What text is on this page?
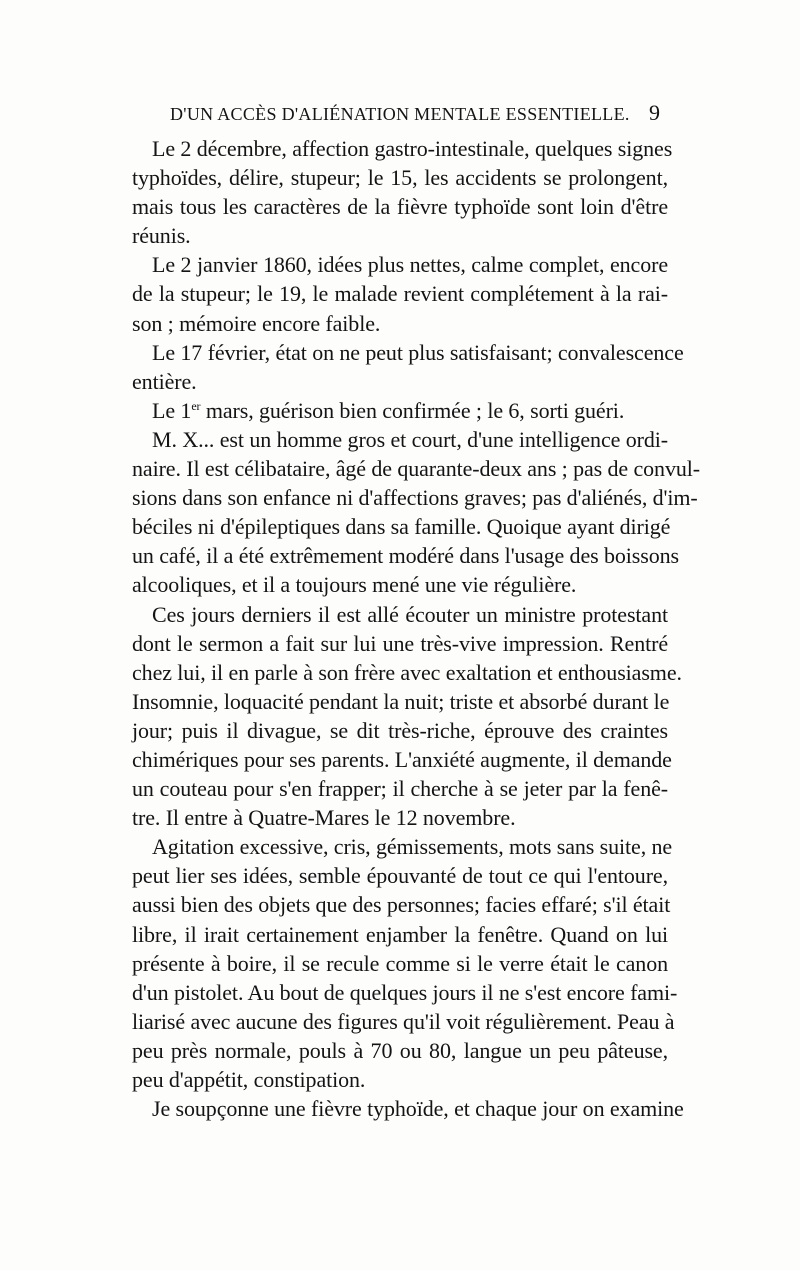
D'UN ACCÈS D'ALIÉNATION MENTALE ESSENTIELLE. 9
Le 2 décembre, affection gastro-intestinale, quelques signes
typhoïdes, délire, stupeur; le 15, les accidents se prolongent,
mais tous les caractères de la fièvre typhoïde sont loin d'être
réunis.
Le 2 janvier 1860, idées plus nettes, calme complet, encore
de la stupeur; le 19, le malade revient complétement à la rai-
son ; mémoire encore faible.
Le 17 février, état on ne peut plus satisfaisant; convalescence
entière.
Le 1er mars, guérison bien confirmée ; le 6, sorti guéri.
M. X... est un homme gros et court, d'une intelligence ordi-
naire. Il est célibataire, âgé de quarante-deux ans ; pas de convul-
sions dans son enfance ni d'affections graves; pas d'aliénés, d'im-
béciles ni d'épileptiques dans sa famille. Quoique ayant dirigé
un café, il a été extrêmement modéré dans l'usage des boissons
alcooliques, et il a toujours mené une vie régulière.
Ces jours derniers il est allé écouter un ministre protestant
dont le sermon a fait sur lui une très-vive impression. Rentré
chez lui, il en parle à son frère avec exaltation et enthousiasme.
Insomnie, loquacité pendant la nuit; triste et absorbé durant le
jour; puis il divague, se dit très-riche, éprouve des craintes
chimériques pour ses parents. L'anxiété augmente, il demande
un couteau pour s'en frapper; il cherche à se jeter par la fenê-
tre. Il entre à Quatre-Mares le 12 novembre.
Agitation excessive, cris, gémissements, mots sans suite, ne
peut lier ses idées, semble épouvanté de tout ce qui l'entoure,
aussi bien des objets que des personnes; facies effaré; s'il était
libre, il irait certainement enjamber la fenêtre. Quand on lui
présente à boire, il se recule comme si le verre était le canon
d'un pistolet. Au bout de quelques jours il ne s'est encore fami-
liarisé avec aucune des figures qu'il voit régulièrement. Peau à
peu près normale, pouls à 70 ou 80, langue un peu pâteuse,
peu d'appétit, constipation.
Je soupçonne une fièvre typhoïde, et chaque jour on examine
